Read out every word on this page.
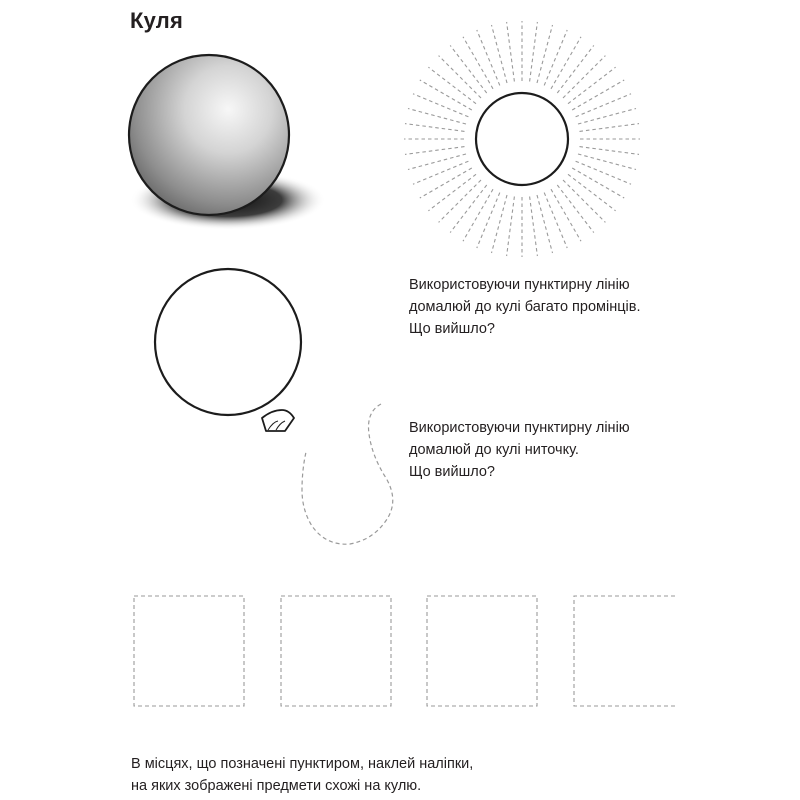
Куля
Використовуючи пунктирну лінію
домалюй до кулі багато промінців.
Що вийшло?
Використовуючи пунктирну лінію
домалюй до кулі ниточку.
Що вийшло?
В місцях, що позначені пунктиром, наклей наліпки,
на яких зображені предмети схожі на кулю.
